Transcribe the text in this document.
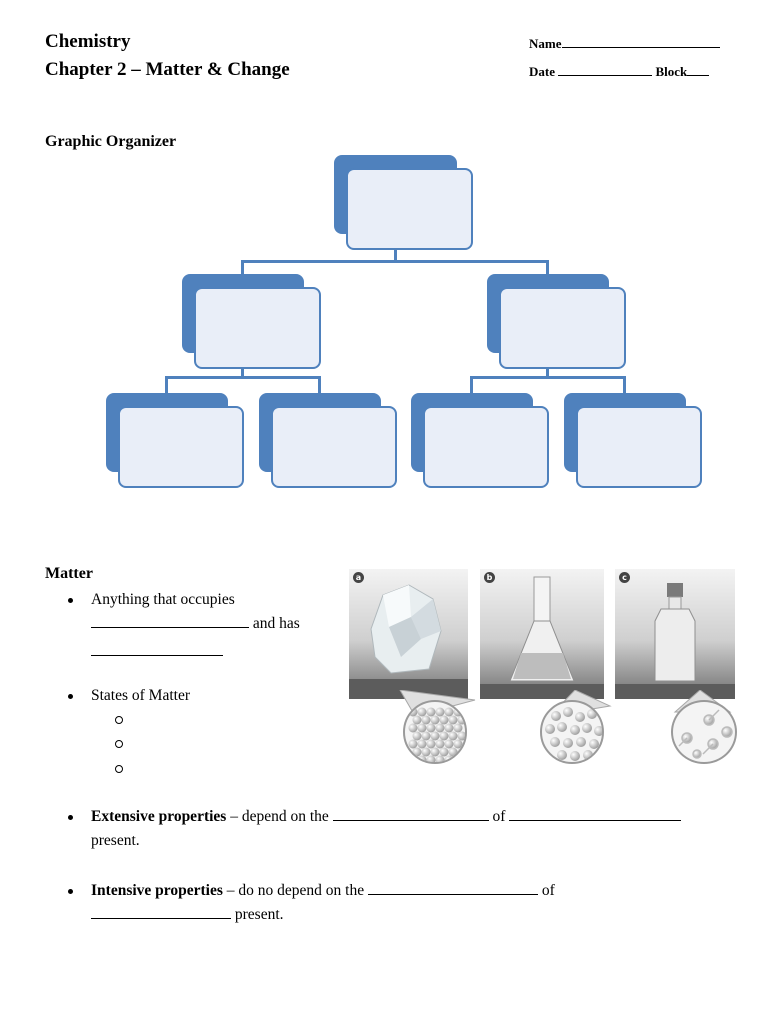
Chemistry
Chapter 2 – Matter & Change
Name
Date	Block
Graphic Organizer
Matter
Anything that occupies
and has
States of Matter
a	b	c
Extensive properties – depend on the	of
present.
Intensive properties – do no depend on the	of
present.
